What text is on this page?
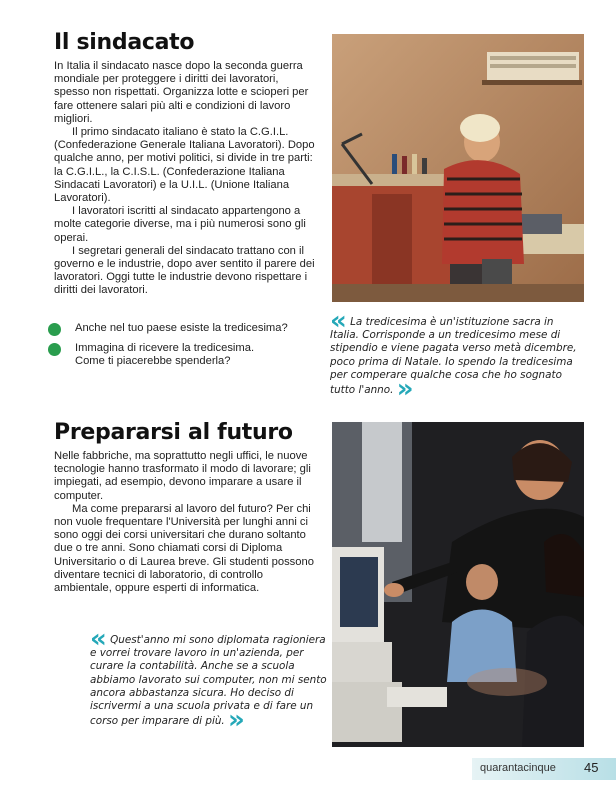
Il sindacato

In Italia il sindacato nasce dopo la seconda guerra mondiale per proteggere i diritti dei lavoratori, spesso non rispettati. Organizza lotte e scioperi per fare ottenere salari più alti e condizioni di lavoro migliori.

Il primo sindacato italiano è stato la C.G.I.L. (Confederazione Generale Italiana Lavoratori). Dopo qualche anno, per motivi politici, si divide in tre parti: la C.G.I.L., la C.I.S.L. (Confederazione Italiana Sindacati Lavoratori) e la U.I.L. (Unione Italiana Lavoratori).

I lavoratori iscritti al sindacato appartengono a molte categorie diverse, ma i più numerosi sono gli operai.

I segretari generali del sindacato trattano con il governo e le industrie, dopo aver sentito il parere dei lavoratori. Oggi tutte le industrie devono rispettare i diritti dei lavoratori.

Anche nel tuo paese esiste la tredicesima?
Immagina di ricevere la tredicesima. Come ti piacerebbe spenderla?
« La tredicesima è un'istituzione sacra in Italia. Corrisponde a un tredicesimo mese di stipendio e viene pagata verso metà dicembre, poco prima di Natale. Io spendo la tredicesima per comperare qualche cosa che ho sognato tutto l'anno. »
Prepararsi al futuro

Nelle fabbriche, ma soprattutto negli uffici, le nuove tecnologie hanno trasformato il modo di lavorare; gli impiegati, ad esempio, devono imparare a usare il computer.

Ma come prepararsi al lavoro del futuro? Per chi non vuole frequentare l'Università per lunghi anni ci sono oggi dei corsi universitari che durano soltanto due o tre anni. Sono chiamati corsi di Diploma Universitario o di Laurea breve. Gli studenti possono diventare tecnici di laboratorio, di controllo ambientale, oppure esperti di informatica.

« Quest'anno mi sono diplomata ragioniera e vorrei trovare lavoro in un'azienda, per curare la contabilità. Anche se a scuola abbiamo lavorato sui computer, non mi sento ancora abbastanza sicura. Ho deciso di iscrivermi a una scuola privata e di fare un corso per imparare di più. »
quarantacinque 45
